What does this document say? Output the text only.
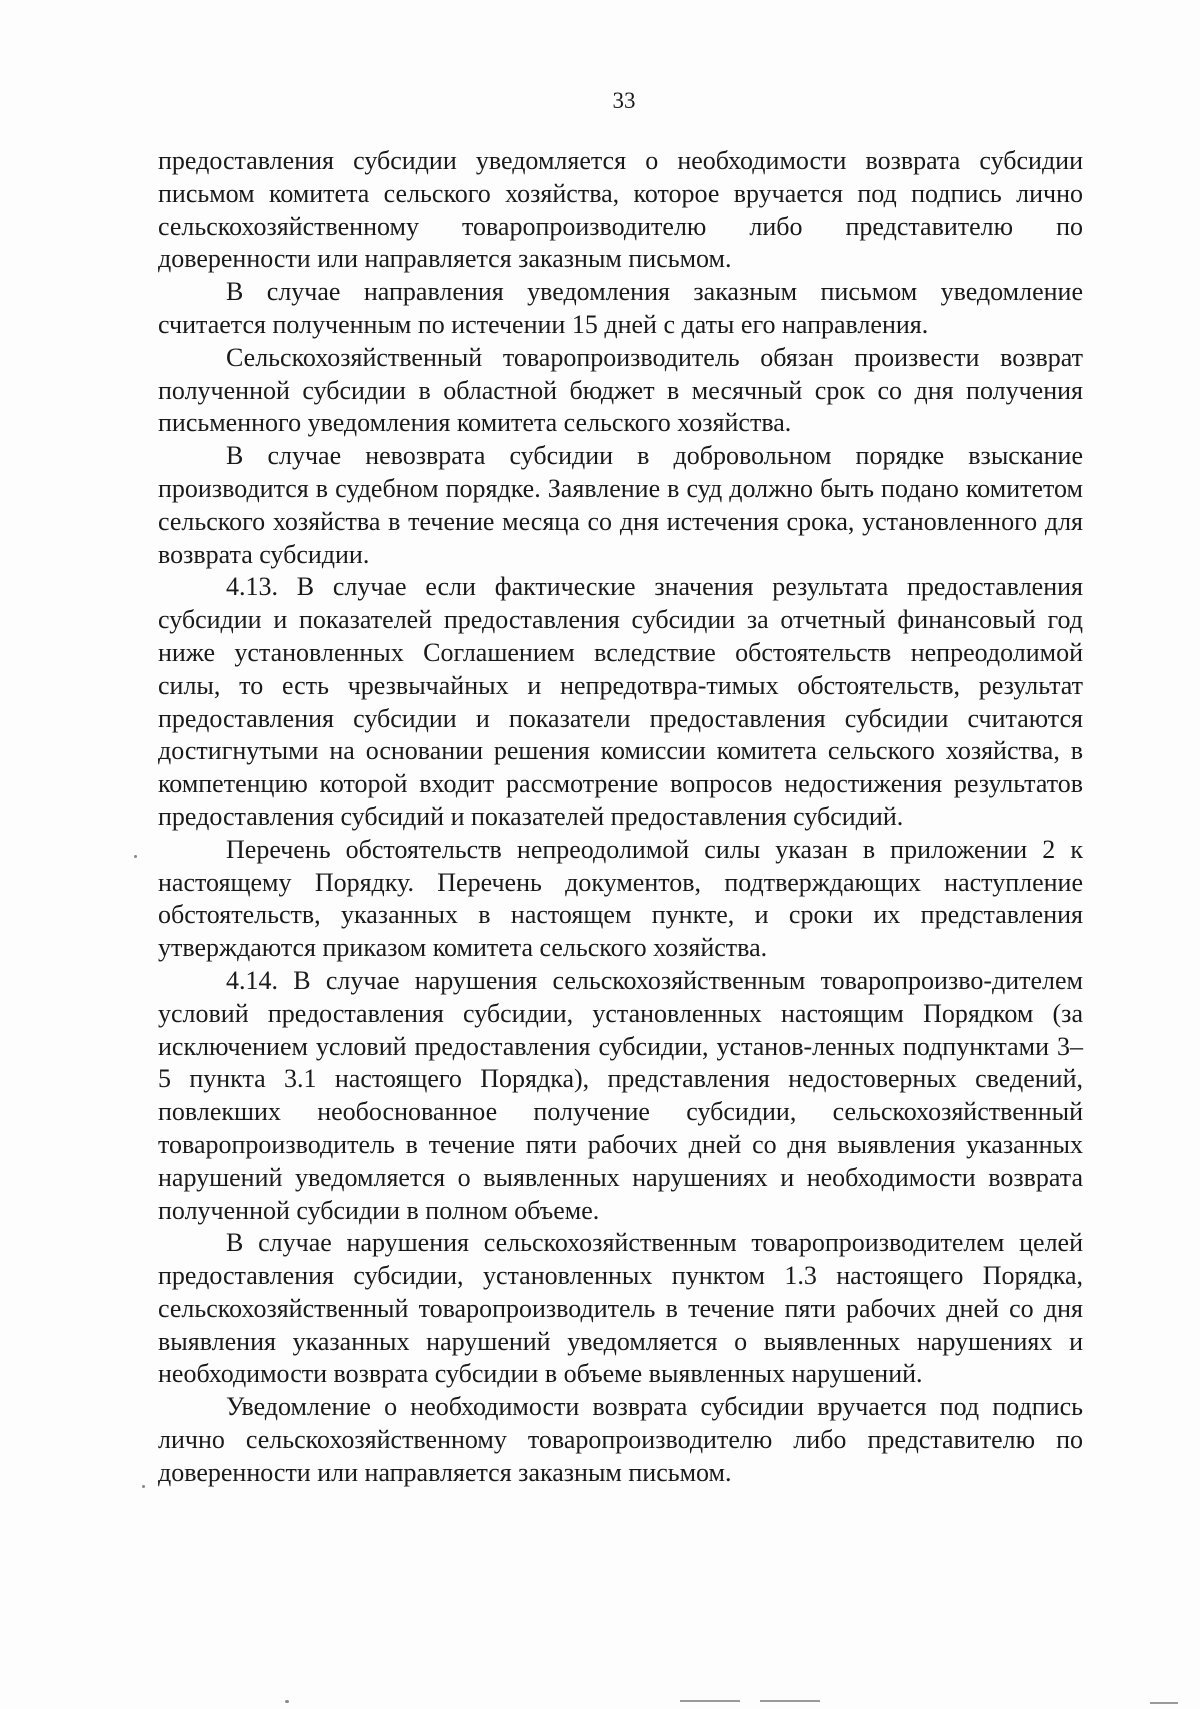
33

предоставления субсидии уведомляется о необходимости возврата субсидии письмом комитета сельского хозяйства, которое вручается под подпись лично сельскохозяйственному товаропроизводителю либо представителю по доверенности или направляется заказным письмом.

В случае направления уведомления заказным письмом уведомление считается полученным по истечении 15 дней с даты его направления.

Сельскохозяйственный товаропроизводитель обязан произвести возврат полученной субсидии в областной бюджет в месячный срок со дня получения письменного уведомления комитета сельского хозяйства.

В случае невозврата субсидии в добровольном порядке взыскание производится в судебном порядке. Заявление в суд должно быть подано комитетом сельского хозяйства в течение месяца со дня истечения срока, установленного для возврата субсидии.

4.13. В случае если фактические значения результата предоставления субсидии и показателей предоставления субсидии за отчетный финансовый год ниже установленных Соглашением вследствие обстоятельств непреодолимой силы, то есть чрезвычайных и непредотвра-тимых обстоятельств, результат предоставления субсидии и показатели предоставления субсидии считаются достигнутыми на основании решения комиссии комитета сельского хозяйства, в компетенцию которой входит рассмотрение вопросов недостижения результатов предоставления субсидий и показателей предоставления субсидий.

Перечень обстоятельств непреодолимой силы указан в приложении 2 к настоящему Порядку. Перечень документов, подтверждающих наступление обстоятельств, указанных в настоящем пункте, и сроки их представления утверждаются приказом комитета сельского хозяйства.

4.14. В случае нарушения сельскохозяйственным товаропроизво-дителем условий предоставления субсидии, установленных настоящим Порядком (за исключением условий предоставления субсидии, установ-ленных подпунктами 3–5 пункта 3.1 настоящего Порядка), представления недостоверных сведений, повлекших необоснованное получение субсидии, сельскохозяйственный товаропроизводитель в течение пяти рабочих дней со дня выявления указанных нарушений уведомляется о выявленных нарушениях и необходимости возврата полученной субсидии в полном объеме.

В случае нарушения сельскохозяйственным товаропроизводителем целей предоставления субсидии, установленных пунктом 1.3 настоящего Порядка, сельскохозяйственный товаропроизводитель в течение пяти рабочих дней со дня выявления указанных нарушений уведомляется о выявленных нарушениях и необходимости возврата субсидии в объеме выявленных нарушений.

Уведомление о необходимости возврата субсидии вручается под подпись лично сельскохозяйственному товаропроизводителю либо представителю по доверенности или направляется заказным письмом.
